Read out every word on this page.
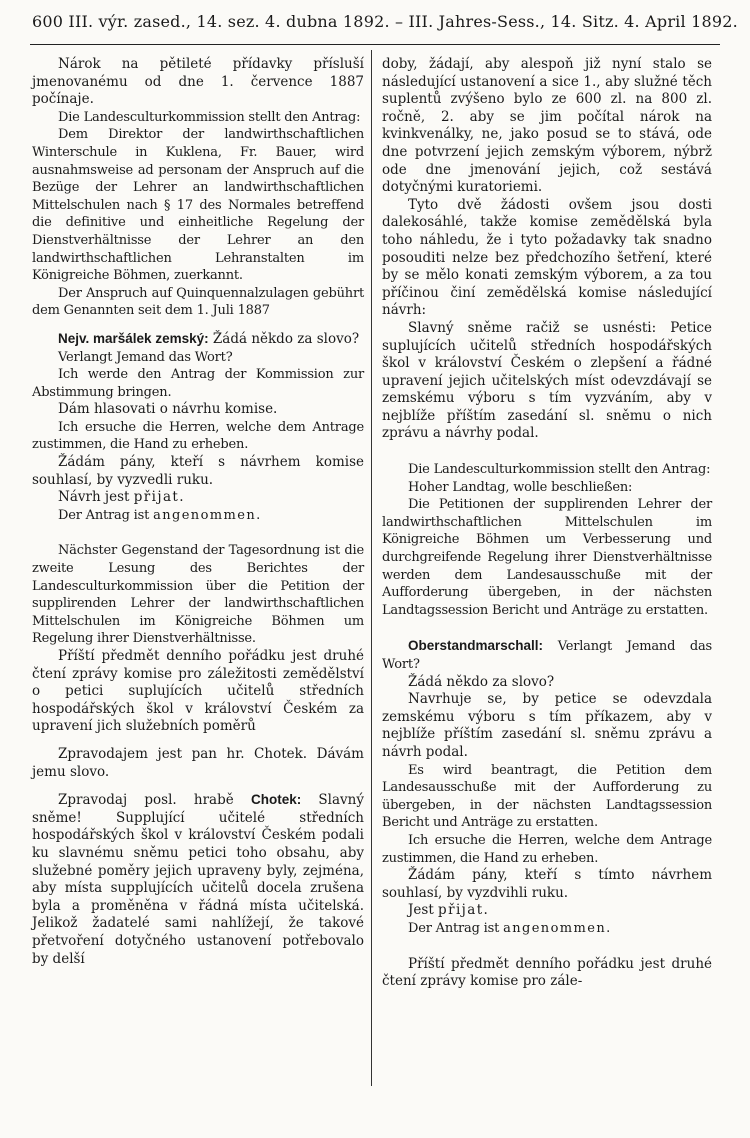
600 III. výr. zased., 14. sez. 4. dubna 1892. – III. Jahres-Sess., 14. Sitz. 4. April 1892.

Nárok na pětileté přídavky přísluší jmenovanému od dne 1. července 1887 počínaje.

Die Landesculturkommission stellt den Antrag:

Dem Direktor der landwirthschaftlichen Winterschule in Kuklena, Fr. Bauer, wird ausnahmsweise ad personam der Anspruch auf die Bezüge der Lehrer an landwirthschaftlichen Mittelschulen nach § 17 des Normales betreffend die definitive und einheitliche Regelung der Dienstverhältnisse der Lehrer an den landwirthschaftlichen Lehranstalten im Königreiche Böhmen, zuerkannt.

Der Anspruch auf Quinquennalzulagen gebührt dem Genannten seit dem 1. Juli 1887

Nejv. maršálek zemský: Žádá někdo za slovo?

Verlangt Jemand das Wort?

Ich werde den Antrag der Kommission zur Abstimmung bringen.

Dám hlasovati o návrhu komise.

Ich ersuche die Herren, welche dem Antrage zustimmen, die Hand zu erheben.

Žádám pány, kteří s návrhem komise souhlasí, by vyzvedli ruku.

Návrh jest přijat.

Der Antrag ist angenommen.

Nächster Gegenstand der Tagesordnung ist die zweite Lesung des Berichtes der Landesculturkommission über die Petition der supplirenden Lehrer der landwirthschaftlichen Mittelschulen im Königreiche Böhmen um Regelung ihrer Dienstverhältnisse.

Příští předmět denního pořádku jest druhé čtení zprávy komise pro záležitosti zemědělství o petici suplujících učitelů středních hospodářských škol v království Českém za upravení jich služebních poměrů

Zpravodajem jest pan hr. Chotek. Dávám jemu slovo.

Zpravodaj posl. hrabě Chotek: Slavný sněme! Supplující učitelé středních hospodářských škol v království Českém podali ku slavnému sněmu petici toho obsahu, aby služebné poměry jejich upraveny byly, zejména, aby místa supplujících učitelů docela zrušena byla a proměněna v řádná místa učitelská. Jelikož žadatelé sami nahlížejí, že takové přetvoření dotyčného ustanovení potřebovalo by delší

doby, žádají, aby alespoň již nyní stalo se následující ustanovení a sice 1., aby služné těch suplentů zvýšeno bylo ze 600 zl. na 800 zl. ročně, 2. aby se jim počítal nárok na kvinkvenálky, ne, jako posud se to stává, ode dne potvrzení jejich zemským výborem, nýbrž ode dne jmenování jejich, což sestává dotyčnými kuratoriemi.

Tyto dvě žádosti ovšem jsou dosti dalekosáhlé, takže komise zemědělská byla toho náhledu, že i tyto požadavky tak snadno posouditi nelze bez předchozího šetření, které by se mělo konati zemským výborem, a za tou příčinou činí zemědělská komise následující návrh:

Slavný sněme račiž se usnésti: Petice suplujících učitelů středních hospodářských škol v království Českém o zlepšení a řádné upravení jejich učitelských míst odevzdávají se zemskému výboru s tím vyzváním, aby v nejblíže příštím zasedání sl. sněmu o nich zprávu a návrhy podal.

Die Landesculturkommission stellt den Antrag:

Hoher Landtag, wolle beschließen:

Die Petitionen der supplirenden Lehrer der landwirthschaftlichen Mittelschulen im Königreiche Böhmen um Verbesserung und durchgreifende Regelung ihrer Dienstverhältnisse werden dem Landesausschuße mit der Aufforderung übergeben, in der nächsten Landtagssession Bericht und Anträge zu erstatten.

Oberstandmarschall: Verlangt Jemand das Wort?

Žádá někdo za slovo?

Navrhuje se, by petice se odevzdala zemskému výboru s tím příkazem, aby v nejblíže příštím zasedání sl. sněmu zprávu a návrh podal.

Es wird beantragt, die Petition dem Landesausschuße mit der Aufforderung zu übergeben, in der nächsten Landtagssession Bericht und Anträge zu erstatten.

Ich ersuche die Herren, welche dem Antrage zustimmen, die Hand zu erheben.

Žádám pány, kteří s tímto návrhem souhlasí, by vyzdvihli ruku.

Jest přijat.

Der Antrag ist angenommen.

Příští předmět denního pořádku jest druhé čtení zprávy komise pro zále-
